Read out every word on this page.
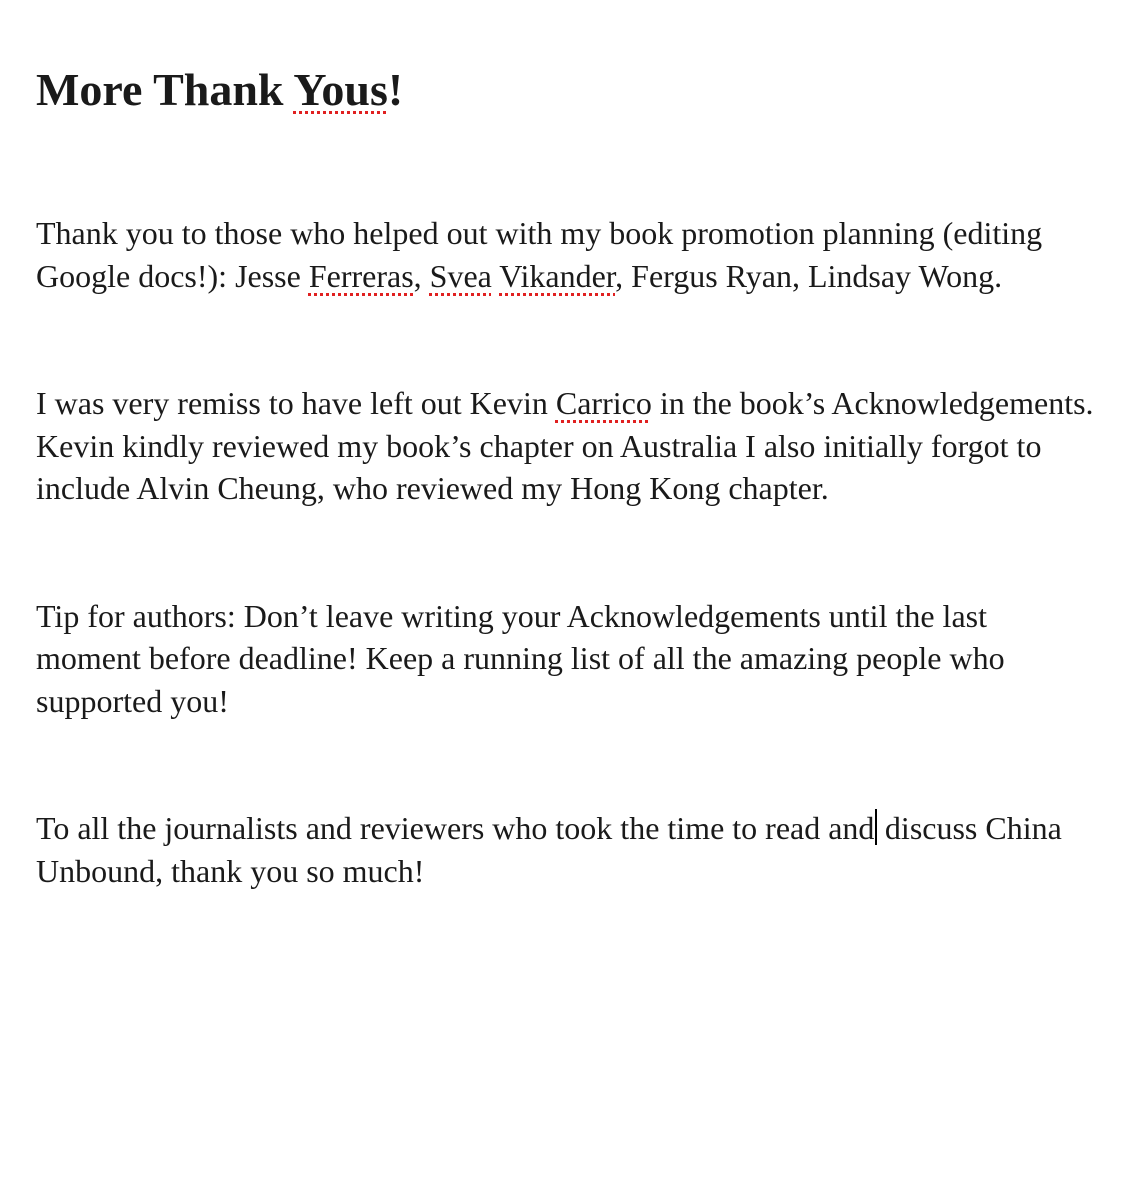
More Thank Yous!

Thank you to those who helped out with my book promotion planning (editing Google docs!): Jesse Ferreras, Svea Vikander, Fergus Ryan, Lindsay Wong.

I was very remiss to have left out Kevin Carrico in the book’s Acknowledgements. Kevin kindly reviewed my book’s chapter on Australia I also initially forgot to include Alvin Cheung, who reviewed my Hong Kong chapter.

Tip for authors: Don’t leave writing your Acknowledgements until the last moment before deadline! Keep a running list of all the amazing people who supported you!

To all the journalists and reviewers who took the time to read and discuss China Unbound, thank you so much!
